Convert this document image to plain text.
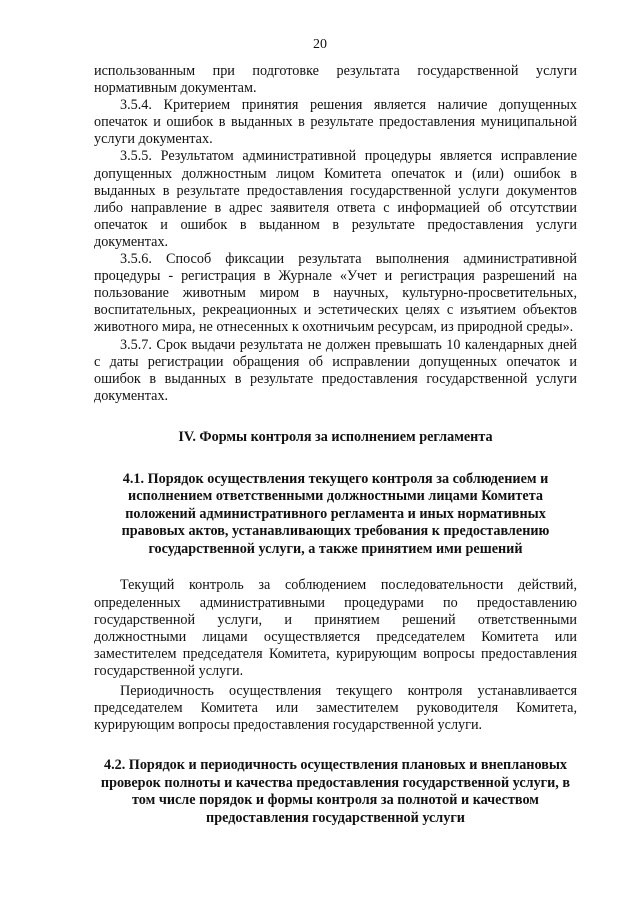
20

использованным при подготовке результата государственной услуги нормативным документам.

3.5.4. Критерием принятия решения является наличие допущенных опечаток и ошибок в выданных в результате предоставления муниципальной услуги документах.

3.5.5. Результатом административной процедуры является исправление допущенных должностным лицом Комитета опечаток и (или) ошибок в выданных в результате предоставления государственной услуги документов либо направление в адрес заявителя ответа с информацией об отсутствии опечаток и ошибок в выданном в результате предоставления услуги документах.

3.5.6. Способ фиксации результата выполнения административной процедуры - регистрация в Журнале «Учет и регистрация разрешений на пользование животным миром в научных, культурно-просветительных, воспитательных, рекреационных и эстетических целях с изъятием объектов животного мира, не отнесенных к охотничьим ресурсам, из природной среды».

3.5.7. Срок выдачи результата не должен превышать 10 календарных дней с даты регистрации обращения об исправлении допущенных опечаток и ошибок в выданных в результате предоставления государственной услуги документах.

IV. Формы контроля за исполнением регламента

4.1. Порядок осуществления текущего контроля за соблюдением и исполнением ответственными должностными лицами Комитета положений административного регламента и иных нормативных правовых актов, устанавливающих требования к предоставлению государственной услуги, а также принятием ими решений

Текущий контроль за соблюдением последовательности действий, определенных административными процедурами по предоставлению государственной услуги, и принятием решений ответственными должностными лицами осуществляется председателем Комитета или заместителем председателя Комитета, курирующим вопросы предоставления государственной услуги.

Периодичность осуществления текущего контроля устанавливается председателем Комитета или заместителем руководителя Комитета, курирующим вопросы предоставления государственной услуги.

4.2. Порядок и периодичность осуществления плановых и внеплановых проверок полноты и качества предоставления государственной услуги, в том числе порядок и формы контроля за полнотой и качеством предоставления государственной услуги
